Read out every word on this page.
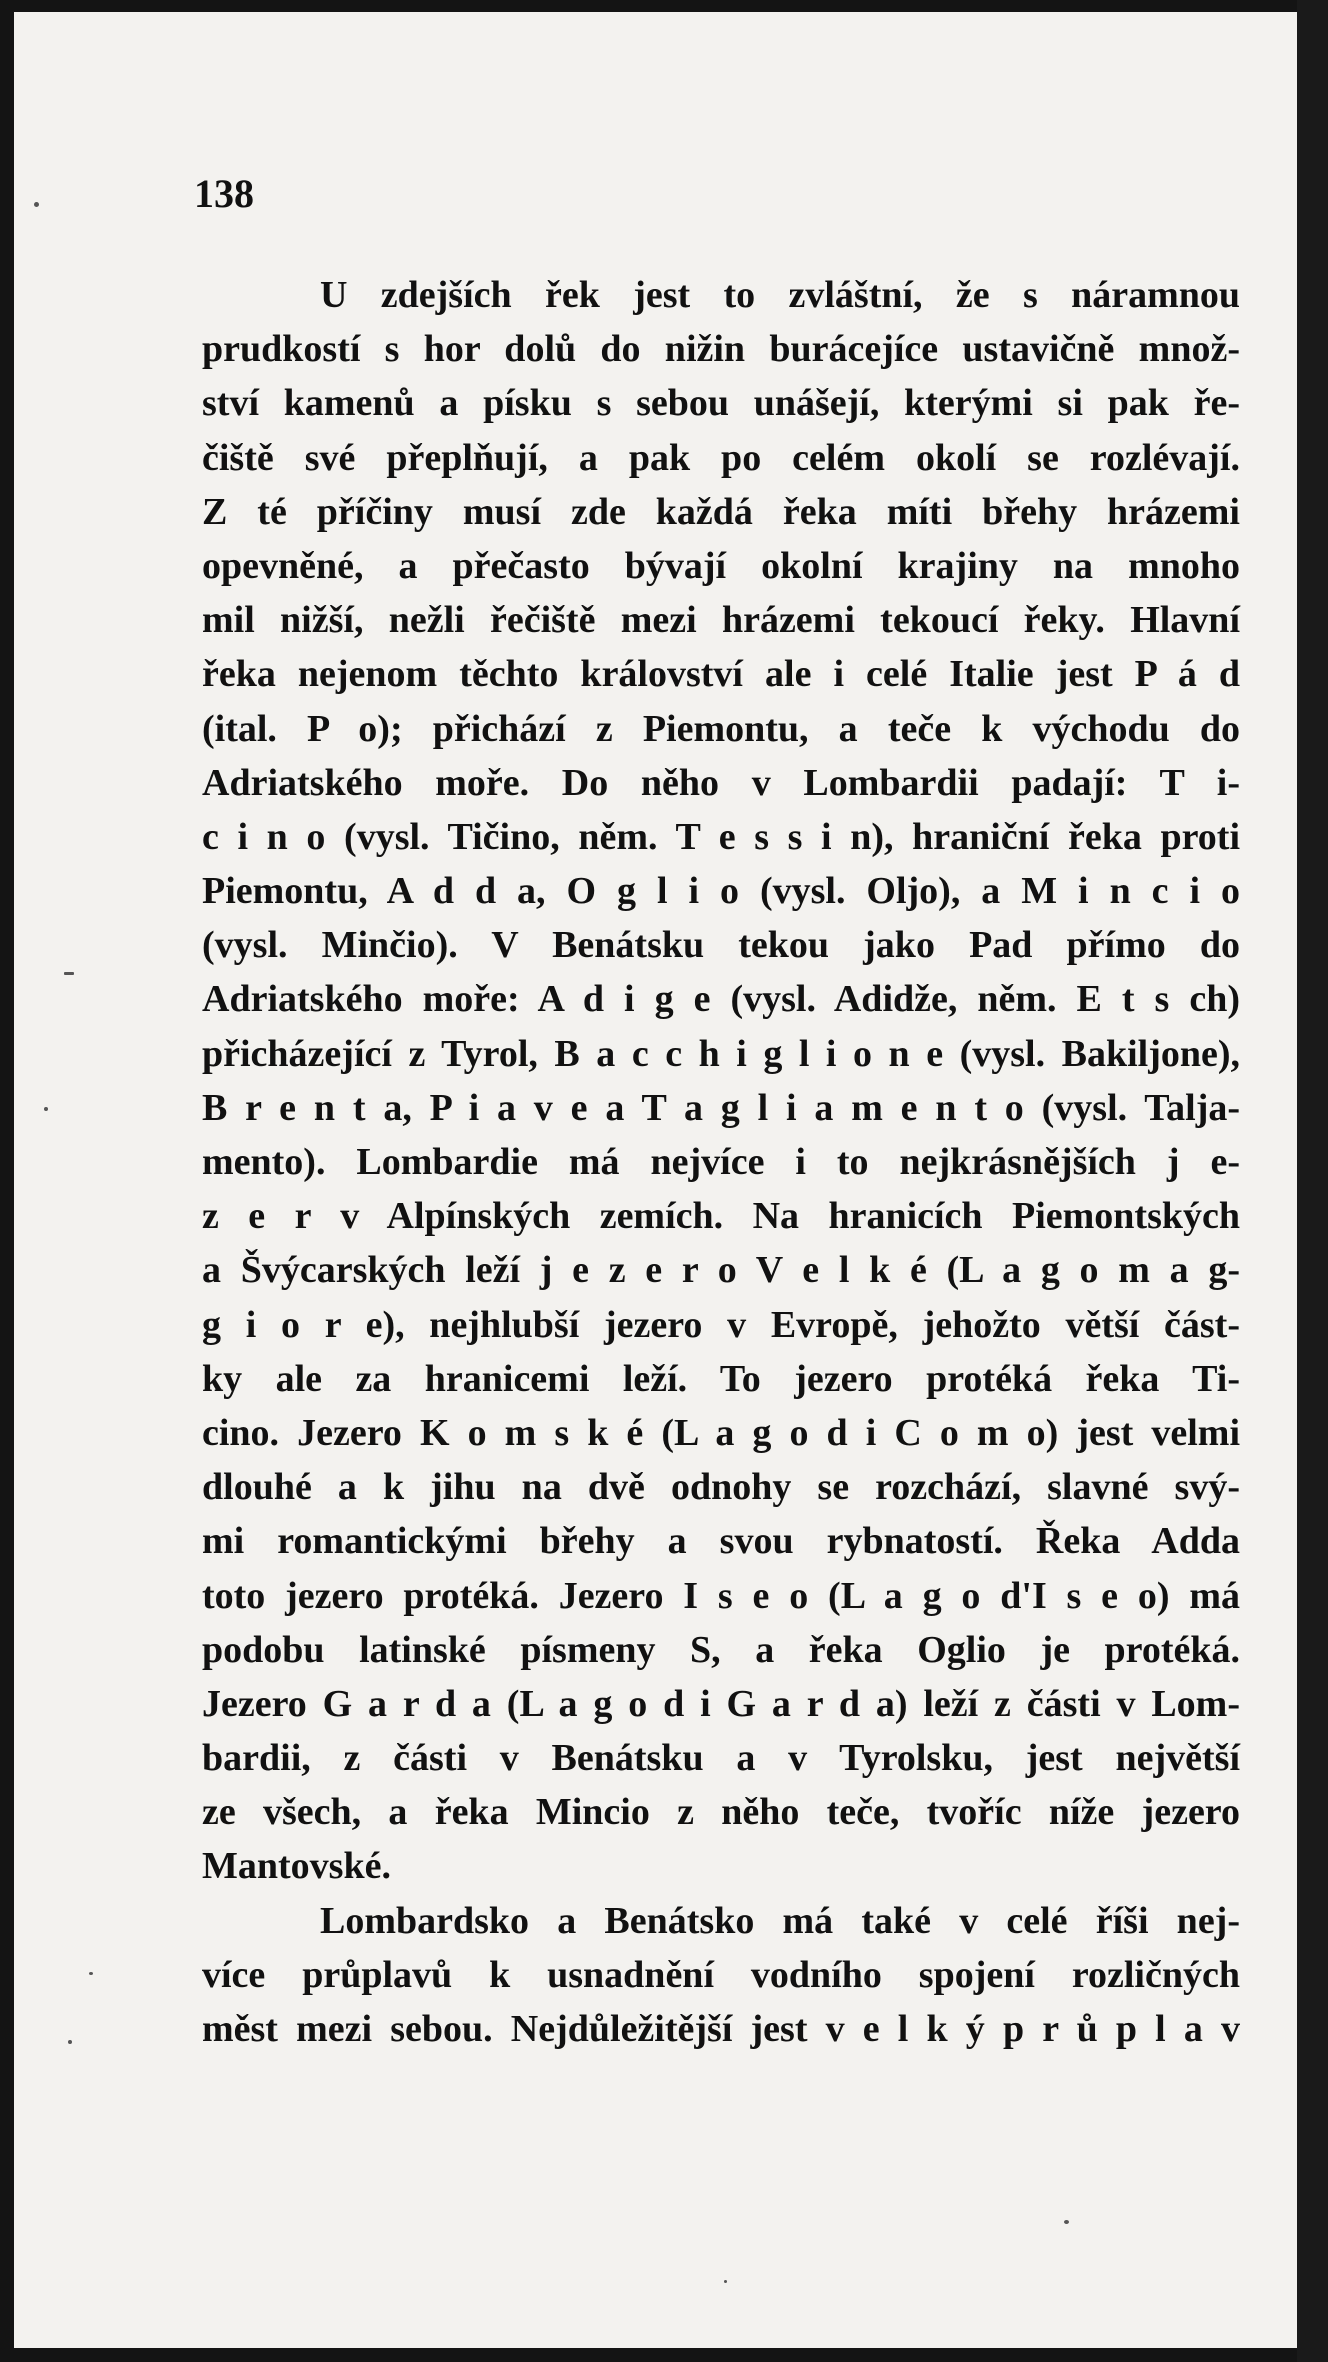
138
U zdejších řek jest to zvláštní, že s náramnou
prudkostí s hor dolů do nižin burácejíce ustavičně množ-
ství kamenů a písku s sebou unášejí, kterými si pak ře-
čiště své přeplňují, a pak po celém okolí se rozlévají.
Z té příčiny musí zde každá řeka míti břehy hrázemi
opevněné, a přečasto bývají okolní krajiny na mnoho
mil nižší, nežli řečiště mezi hrázemi tekoucí řeky. Hlavní
řeka nejenom těchto království ale i celé Italie jest P á d
(ital. P o); přichází z Piemontu, a teče k východu do
Adriatského moře. Do něho v Lombardii padají: T i-
c i n o (vysl. Tičino, něm. T e s s i n), hraniční řeka proti
Piemontu, A d d a, O g l i o (vysl. Oljo), a M i n c i o
(vysl. Minčio). V Benátsku tekou jako Pad přímo do
Adriatského moře: A d i g e (vysl. Adidže, něm. E t s ch)
přicházející z Tyrol, B a c c h i g l i o n e (vysl. Bakiljone),
B r e n t a, P i a v e a T a g l i a m e n t o (vysl. Talja-
mento). Lombardie má nejvíce i to nejkrásnějších j e-
z e r v Alpínských zemích. Na hranicích Piemontských
a Švýcarských leží j e z e r o V e l k é (L a g o m a g-
g i o r e), nejhlubší jezero v Evropě, jehožto větší část-
ky ale za hranicemi leží. To jezero protéká řeka Ti-
cino. Jezero K o m s k é (L a g o d i C o m o) jest velmi
dlouhé a k jihu na dvě odnohy se rozchází, slavné svý-
mi romantickými břehy a svou rybnatostí. Řeka Adda
toto jezero protéká. Jezero I s e o (L a g o d'I s e o) má
podobu latinské písmeny S, a řeka Oglio je protéká.
Jezero G a r d a (L a g o d i G a r d a) leží z části v Lom-
bardii, z části v Benátsku a v Tyrolsku, jest největší
ze všech, a řeka Mincio z něho teče, tvoříc níže jezero
Mantovské.
Lombardsko a Benátsko má také v celé říši nej-
více průplavů k usnadnění vodního spojení rozličných
měst mezi sebou. Nejdůležitější jest v e l k ý p r ů p l a v
